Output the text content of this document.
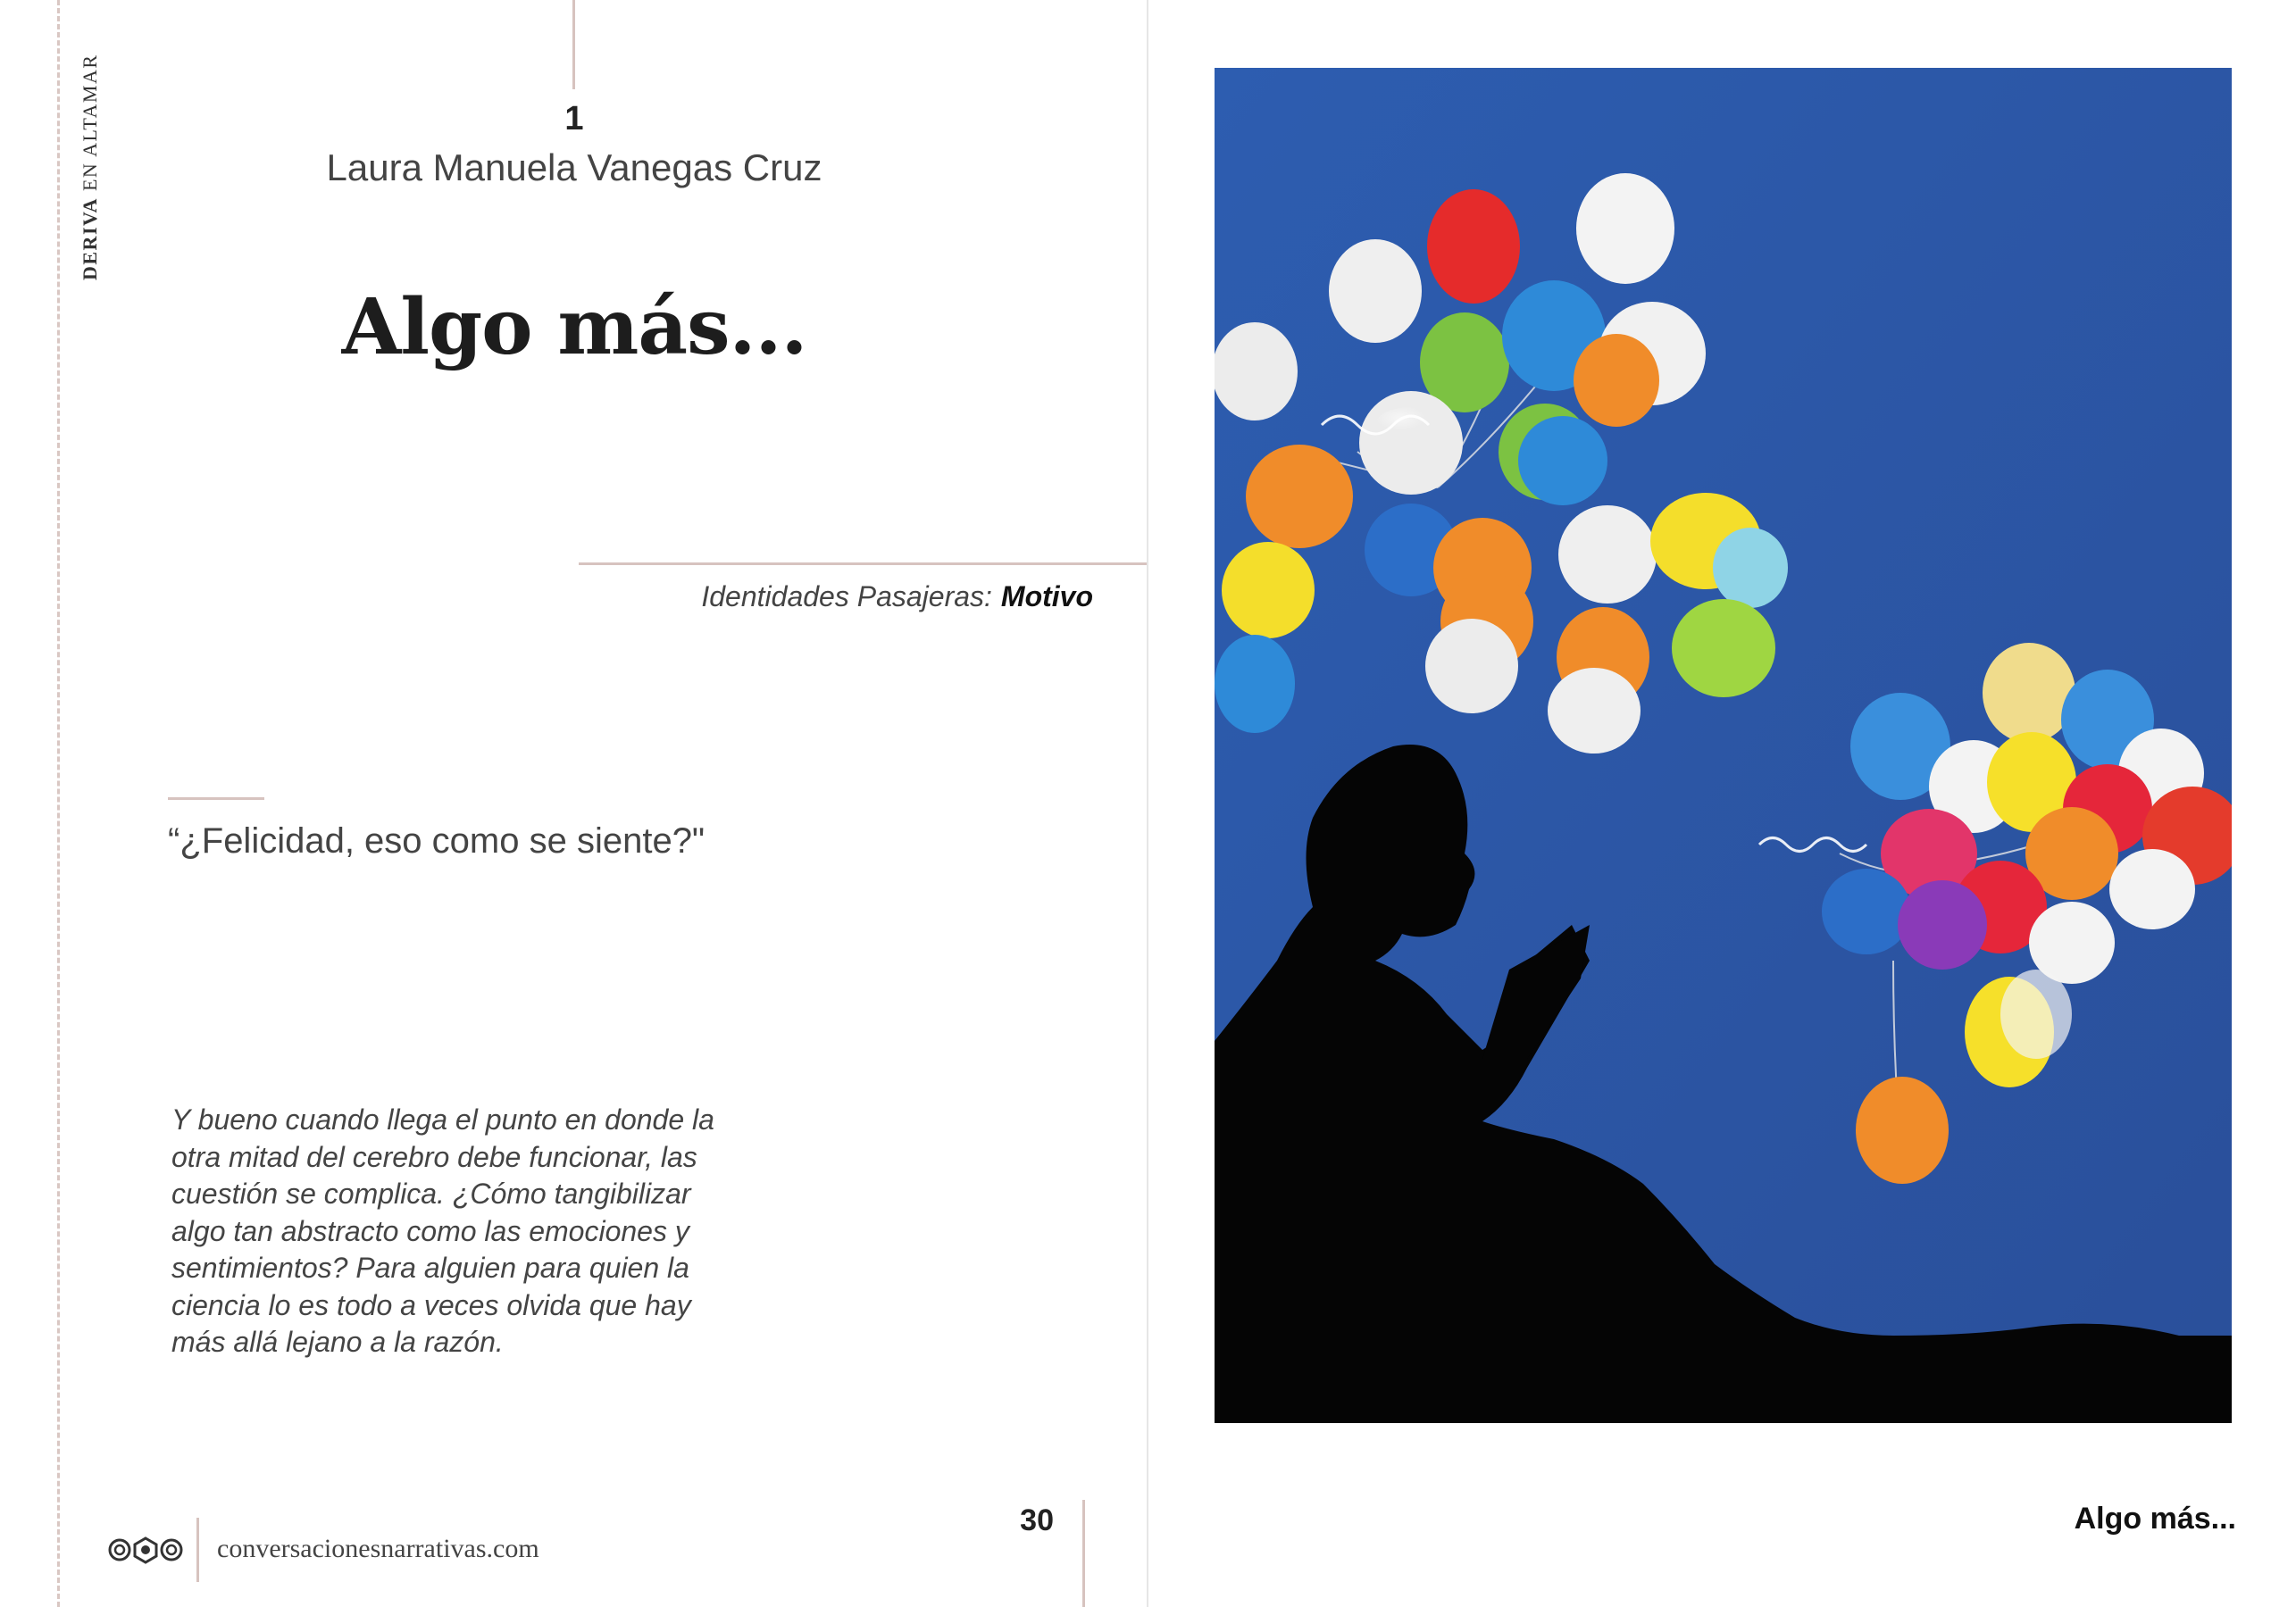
DERIVA EN ALTAMAR	1
Laura Manuela Vanegas Cruz
Algo más...
Identidades Pasajeras: Motivo
“¿Felicidad, eso como se siente?"
Y bueno cuando llega el punto en donde la otra mitad del cerebro debe funcionar, las cuestión se complica. ¿Cómo tangibilizar algo tan abstracto como las emociones y sentimientos? Para alguien para quien la ciencia lo es todo a veces olvida que hay más allá lejano a la razón.
conversacionesnarrativas.com
30	Algo más...
